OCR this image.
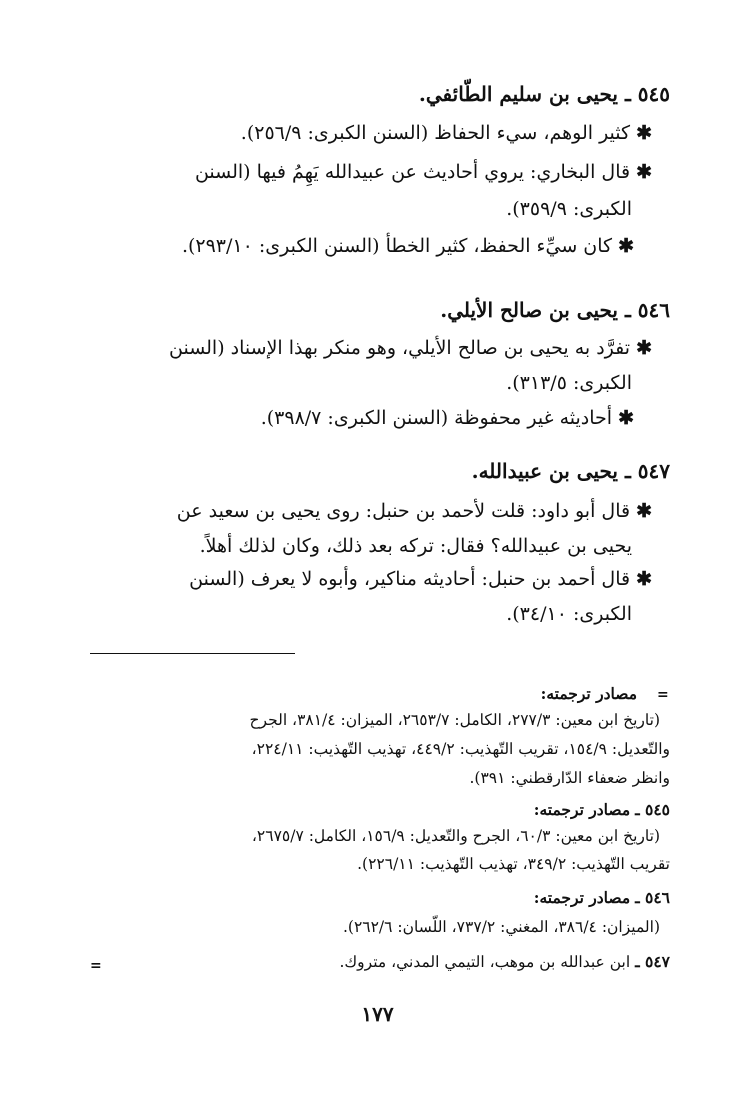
٥٤٥ ـ يحيى بن سليم الطّائفي.
✱كثير الوهم، سيء الحفاظ (السنن الكبرى: ٢٥٦/٩).
✱قال البخاري: يروي أحاديث عن عبيدالله يَهِمُ فيها (السنن
الكبرى: ٣٥٩/٩).
✱كان سيِّء الحفظ، كثير الخطأ (السنن الكبرى: ٢٩٣/١٠).
٥٤٦ ـ يحيى بن صالح الأيلي.
✱تفرَّد به يحيى بن صالح الأيلي، وهو منكر بهذا الإسناد (السنن
الكبرى: ٣١٣/٥).
✱أحاديثه غير محفوظة (السنن الكبرى: ٣٩٨/٧).
٥٤٧ ـ يحيى بن عبيدالله.
✱قال أبو داود: قلت لأحمد بن حنبل: روى يحيى بن سعيد عن
يحيى بن عبيدالله؟ فقال: تركه بعد ذلك، وكان لذلك أهلاً.
✱قال أحمد بن حنبل: أحاديثه مناكير، وأبوه لا يعرف (السنن
الكبرى: ٣٤/١٠).
=
مصادر ترجمته:
(تاريخ ابن معين: ٢٧٧/٣، الكامل: ٢٦٥٣/٧، الميزان: ٣٨١/٤، الجرح
والتّعديل: ١٥٤/٩، تقريب التّهذيب: ٤٤٩/٢، تهذيب التّهذيب: ٢٢٤/١١،
وانظر ضعفاء الدّارقطني: ٣٩١).
٥٤٥ ـ مصادر ترجمته:
(تاريخ ابن معين: ٦٠/٣، الجرح والتّعديل: ١٥٦/٩، الكامل: ٢٦٧٥/٧،
تقريب التّهذيب: ٣٤٩/٢، تهذيب التّهذيب: ٢٢٦/١١).
٥٤٦ ـ مصادر ترجمته:
(الميزان: ٣٨٦/٤، المغني: ٧٣٧/٢، اللّسان: ٢٦٢/٦).
٥٤٧ ـ ابن عبدالله بن موهب، التيمي المدني، متروك.
=
١٧٧
